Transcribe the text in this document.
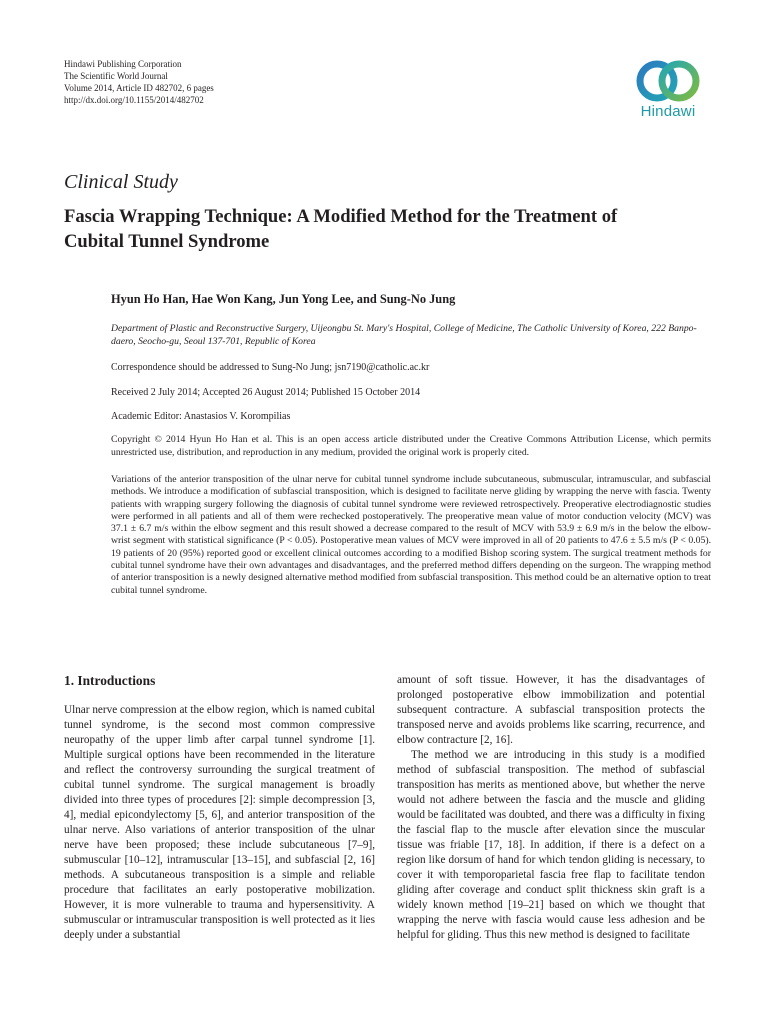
Hindawi Publishing Corporation
The Scientific World Journal
Volume 2014, Article ID 482702, 6 pages
http://dx.doi.org/10.1155/2014/482702
Hindawi
Clinical Study
Fascia Wrapping Technique: A Modified Method for the Treatment of Cubital Tunnel Syndrome
Hyun Ho Han, Hae Won Kang, Jun Yong Lee, and Sung-No Jung
Department of Plastic and Reconstructive Surgery, Uijeongbu St. Mary's Hospital, College of Medicine, The Catholic University of Korea, 222 Banpo-daero, Seocho-gu, Seoul 137-701, Republic of Korea
Correspondence should be addressed to Sung-No Jung; jsn7190@catholic.ac.kr
Received 2 July 2014; Accepted 26 August 2014; Published 15 October 2014
Academic Editor: Anastasios V. Korompilias
Copyright © 2014 Hyun Ho Han et al. This is an open access article distributed under the Creative Commons Attribution License, which permits unrestricted use, distribution, and reproduction in any medium, provided the original work is properly cited.
Variations of the anterior transposition of the ulnar nerve for cubital tunnel syndrome include subcutaneous, submuscular, intramuscular, and subfascial methods. We introduce a modification of subfascial transposition, which is designed to facilitate nerve gliding by wrapping the nerve with fascia. Twenty patients with wrapping surgery following the diagnosis of cubital tunnel syndrome were reviewed retrospectively. Preoperative electrodiagnostic studies were performed in all patients and all of them were rechecked postoperatively. The preoperative mean value of motor conduction velocity (MCV) was 37.1 ± 6.7 m/s within the elbow segment and this result showed a decrease compared to the result of MCV with 53.9 ± 6.9 m/s in the below the elbow-wrist segment with statistical significance (P < 0.05). Postoperative mean values of MCV were improved in all of 20 patients to 47.6 ± 5.5 m/s (P < 0.05). 19 patients of 20 (95%) reported good or excellent clinical outcomes according to a modified Bishop scoring system. The surgical treatment methods for cubital tunnel syndrome have their own advantages and disadvantages, and the preferred method differs depending on the surgeon. The wrapping method of anterior transposition is a newly designed alternative method modified from subfascial transposition. This method could be an alternative option to treat cubital tunnel syndrome.
1. Introductions

Ulnar nerve compression at the elbow region, which is named cubital tunnel syndrome, is the second most common compressive neuropathy of the upper limb after carpal tunnel syndrome [1]. Multiple surgical options have been recommended in the literature and reflect the controversy surrounding the surgical treatment of cubital tunnel syndrome. The surgical management is broadly divided into three types of procedures [2]: simple decompression [3, 4], medial epicondylectomy [5, 6], and anterior transposition of the ulnar nerve. Also variations of anterior transposition of the ulnar nerve have been proposed; these include subcutaneous [7–9], submuscular [10–12], intramuscular [13–15], and subfascial [2, 16] methods. A subcutaneous transposition is a simple and reliable procedure that facilitates an early postoperative mobilization. However, it is more vulnerable to trauma and hypersensitivity. A submuscular or intramuscular transposition is well protected as it lies deeply under a substantial

amount of soft tissue. However, it has the disadvantages of prolonged postoperative elbow immobilization and potential subsequent contracture. A subfascial transposition protects the transposed nerve and avoids problems like scarring, recurrence, and elbow contracture [2, 16].

The method we are introducing in this study is a modified method of subfascial transposition. The method of subfascial transposition has merits as mentioned above, but whether the nerve would not adhere between the fascia and the muscle and gliding would be facilitated was doubted, and there was a difficulty in fixing the fascial flap to the muscle after elevation since the muscular tissue was friable [17, 18]. In addition, if there is a defect on a region like dorsum of hand for which tendon gliding is necessary, to cover it with temporoparietal fascia free flap to facilitate tendon gliding after coverage and conduct split thickness skin graft is a widely known method [19–21] based on which we thought that wrapping the nerve with fascia would cause less adhesion and be helpful for gliding. Thus this new method is designed to facilitate
